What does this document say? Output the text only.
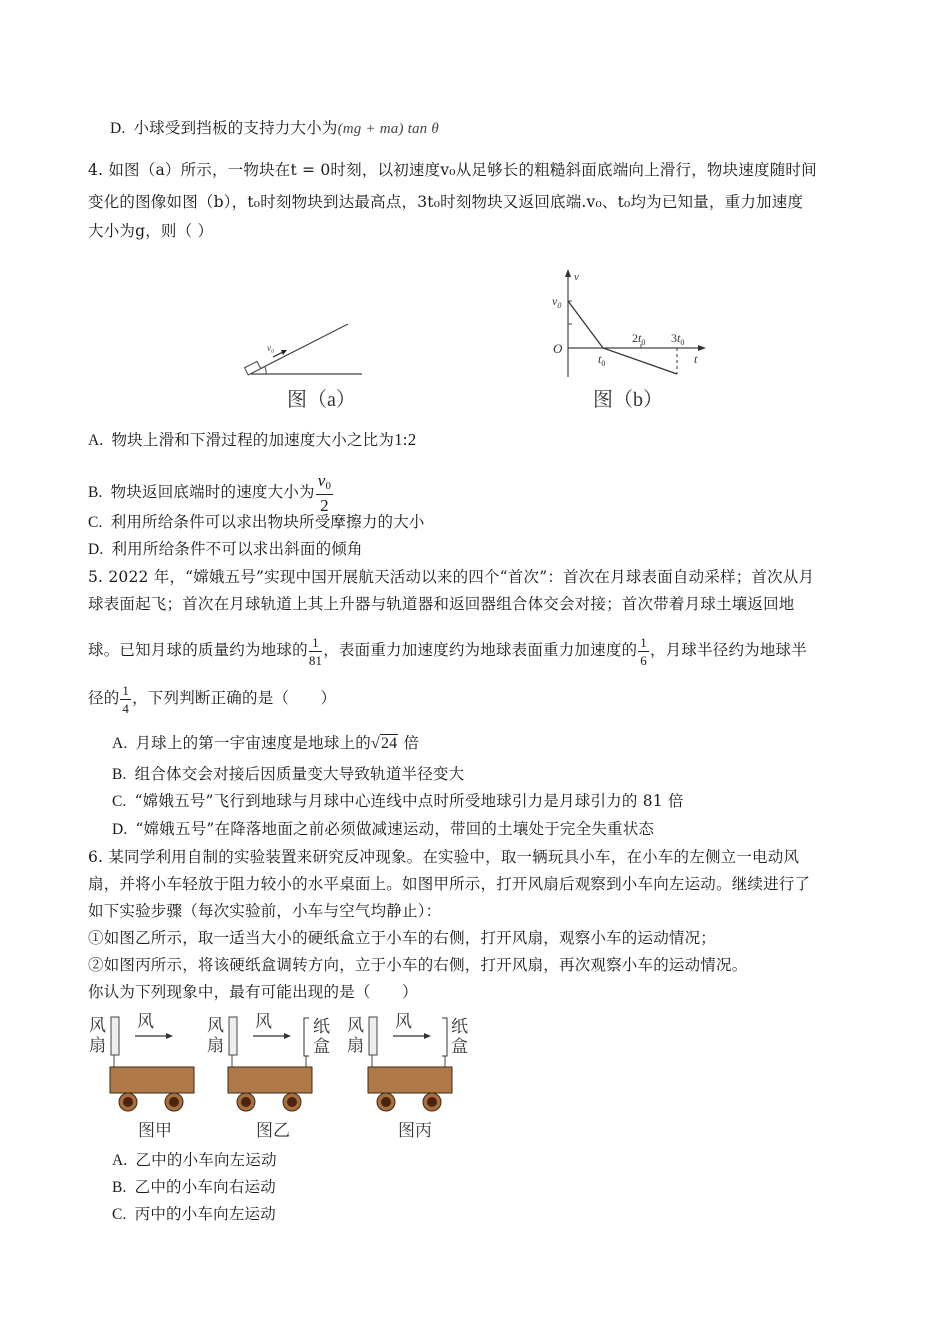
D. 小球受到挡板的支持力大小为(mg + ma) tan θ
4. 如图（a）所示，一物块在t = 0时刻，以初速度v₀从足够长的粗糙斜面底端向上滑行，物块速度随时间
变化的图像如图（b），t₀时刻物块到达最高点，3t₀时刻物块又返回底端.v₀、t₀均为已知量，重力加速度
大小为g，则（ ）
v₀
图（a）
v
t
O
$v_0$
$t_0$
$2t_0$ $3t_0$
图（b）
A. 物块上滑和下滑过程的加速度大小之比为1:2
B. 物块返回底端时的速度大小为 $\frac{v_0}{2}$
C. 利用所给条件可以求出物块所受摩擦力的大小
D. 利用所给条件不可以求出斜面的倾角
5. 2022 年，“嫦娥五号”实现中国开展航天活动以来的四个“首次”：首次在月球表面自动采样；首次从月
球表面起飞；首次在月球轨道上其上升器与轨道器和返回器组合体交会对接；首次带着月球土壤返回地
球。已知月球的质量约为地球的 $\frac{1}{81}$ ，表面重力加速度约为地球表面重力加速度的 $\frac{1}{6}$ ，月球半径约为地球半
径的 $\frac{1}{4}$ ，下列判断正确的是（　　）
A. 月球上的第一宇宙速度是地球上的√24 倍
B. 组合体交会对接后因质量变大导致轨道半径变大
C. “嫦娥五号”飞行到地球与月球中心连线中点时所受地球引力是月球引力的 81 倍
D. “嫦娥五号”在降落地面之前必须做减速运动，带回的土壤处于完全失重状态
6. 某同学利用自制的实验装置来研究反冲现象。在实验中，取一辆玩具小车，在小车的左侧立一电动风
扇，并将小车轻放于阻力较小的水平桌面上。如图甲所示，打开风扇后观察到小车向左运动。继续进行了
如下实验步骤（每次实验前，小车与空气均静止）：
①如图乙所示，取一适当大小的硬纸盒立于小车的右侧，打开风扇，观察小车的运动情况；
②如图丙所示，将该硬纸盒调转方向，立于小车的右侧，打开风扇，再次观察小车的运动情况。
你认为下列现象中，最有可能出现的是（　　）
风
扇
风
图甲
风
扇
风 纸
盒
图乙
风
扇
风 纸
盒
图丙
A. 乙中的小车向左运动
B. 乙中的小车向右运动
C. 丙中的小车向左运动
